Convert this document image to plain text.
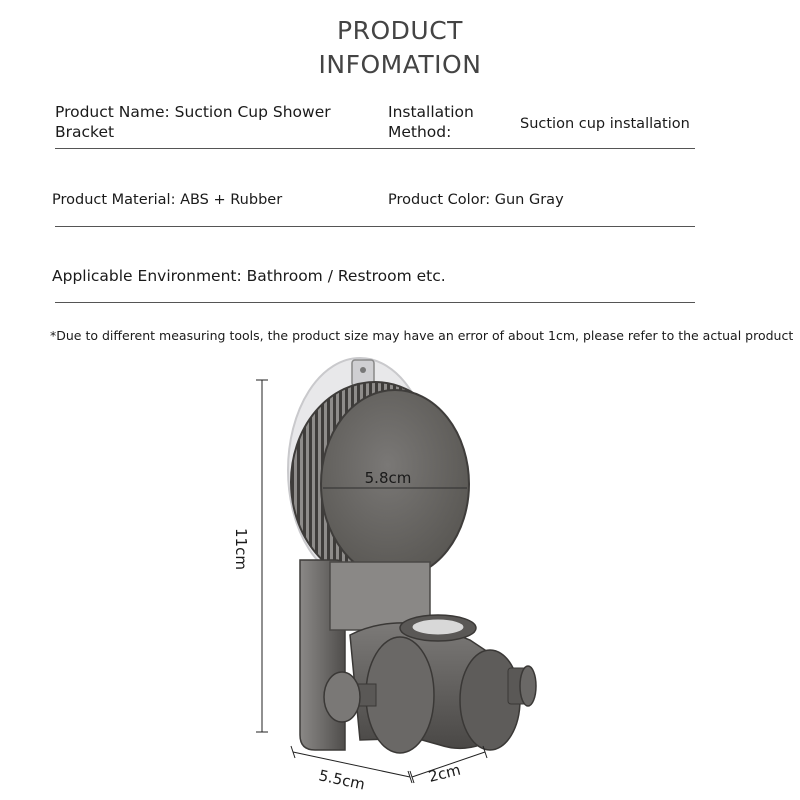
PRODUCT
INFOMATION
Product Name: Suction Cup Shower
Bracket
Installation
Method:	Suction cup installation
Product Material: ABS + Rubber	Product Color: Gun Gray
Applicable Environment: Bathroom / Restroom etc.
*Due to different measuring tools, the product size may have an error of about 1cm, please refer to the actual product
11cm
5.8cm
5.5cm	2cm
